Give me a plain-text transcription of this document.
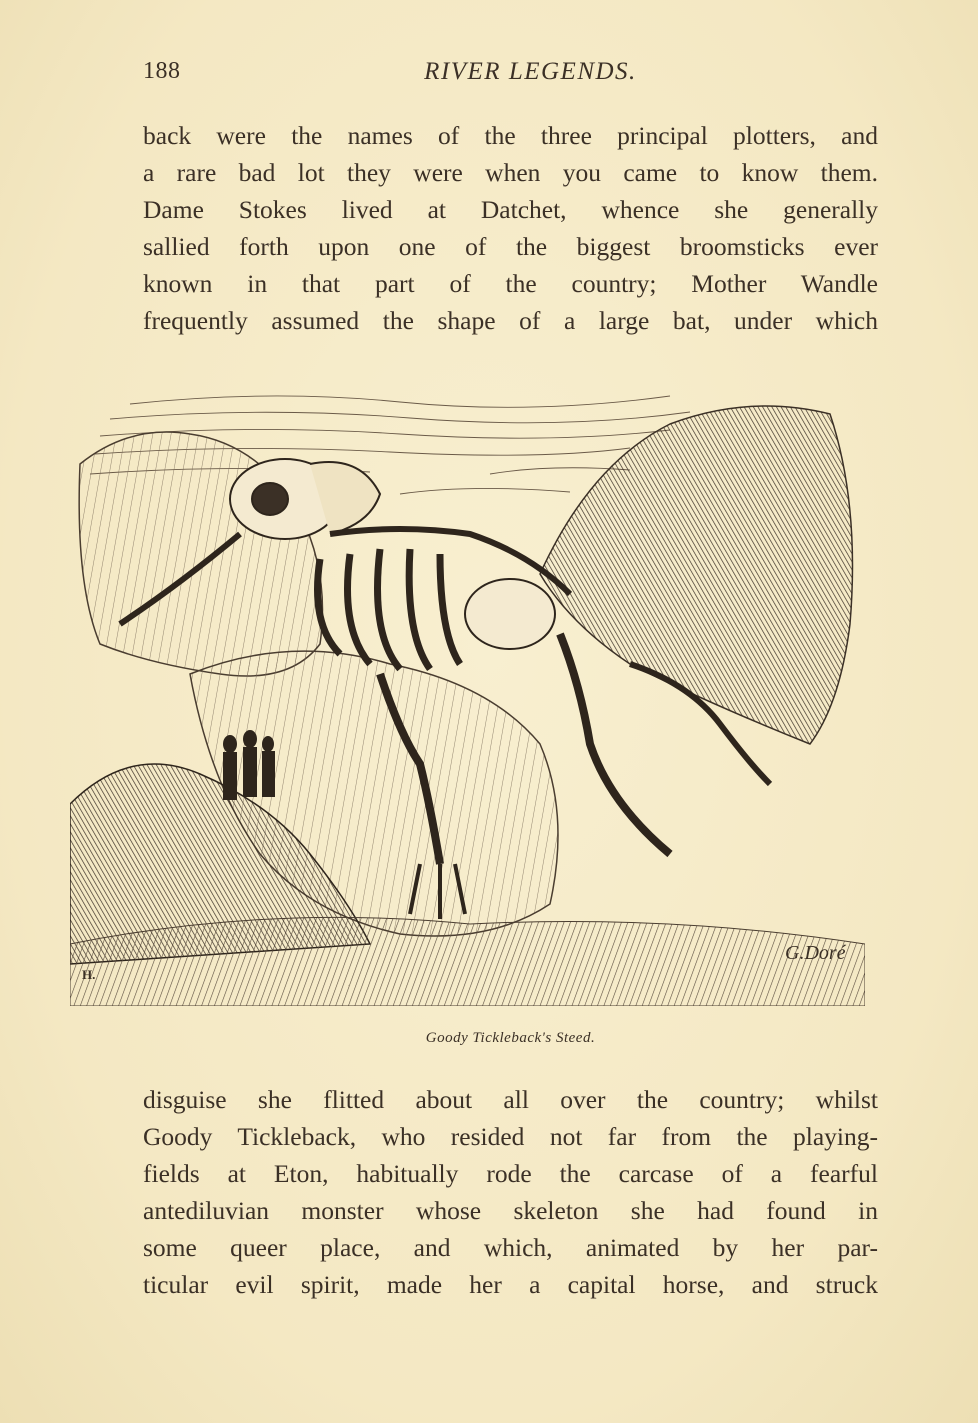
188	RIVER LEGENDS.
back were the names of the three principal plotters, and
a rare bad lot they were when you came to know them.
Dame Stokes lived at Datchet, whence she generally
sallied forth upon one of the biggest broomsticks ever
known in that part of the country; Mother Wandle
frequently assumed the shape of a large bat, under which
G.Doré
H.
Goody Tickleback's Steed.
disguise she flitted about all over the country; whilst
Goody Tickleback, who resided not far from the playing-
fields at Eton, habitually rode the carcase of a fearful
antediluvian monster whose skeleton she had found in
some queer place, and which, animated by her par-
ticular evil spirit, made her a capital horse, and struck
